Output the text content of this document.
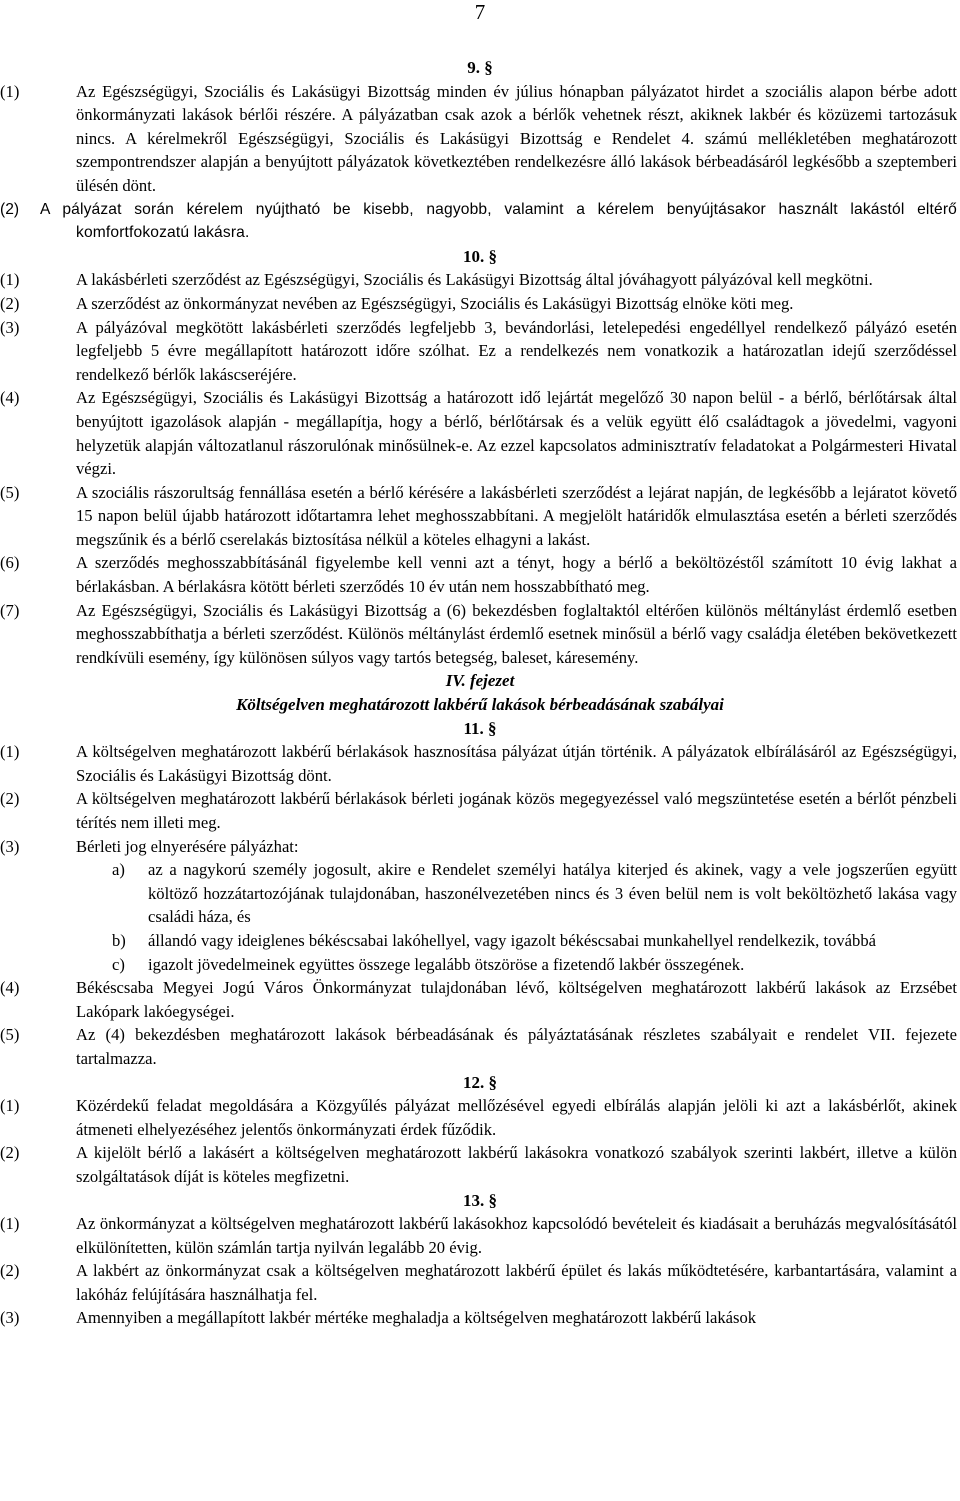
7

9. §

(1)	Az Egészségügyi, Szociális és Lakásügyi Bizottság minden év július hónapban pályázatot hirdet a szociális alapon bérbe adott önkormányzati lakások bérlői részére. A pályázatban csak azok a bérlők vehetnek részt, akiknek lakbér és közüzemi tartozásuk nincs. A kérelmekről Egészségügyi, Szociális és Lakásügyi Bizottság e Rendelet 4. számú mellékletében meghatározott szempontrendszer alapján a benyújtott pályázatok következtében rendelkezésre álló lakások bérbeadásáról legkésőbb a szeptemberi ülésén dönt.
(2)	A pályázat során kérelem nyújtható be kisebb, nagyobb, valamint a kérelem benyújtásakor használt lakástól eltérő komfortfokozatú lakásra.

10. §

(1)	A lakásbérleti szerződést az Egészségügyi, Szociális és Lakásügyi Bizottság által jóváhagyott pályázóval kell megkötni.
(2)	A szerződést az önkormányzat nevében az Egészségügyi, Szociális és Lakásügyi Bizottság elnöke köti meg.
(3)	A pályázóval megkötött lakásbérleti szerződés legfeljebb 3, bevándorlási, letelepedési engedéllyel rendelkező pályázó esetén legfeljebb 5 évre megállapított határozott időre szólhat. Ez a rendelkezés nem vonatkozik a határozatlan idejű szerződéssel rendelkező bérlők lakáscseréjére.
(4)	Az Egészségügyi, Szociális és Lakásügyi Bizottság a határozott idő lejártát megelőző 30 napon belül - a bérlő, bérlőtársak által benyújtott igazolások alapján - megállapítja, hogy a bérlő, bérlőtársak és a velük együtt élő családtagok a jövedelmi, vagyoni helyzetük alapján változatlanul rászorulónak minősülnek-e. Az ezzel kapcsolatos adminisztratív feladatokat a Polgármesteri Hivatal végzi.
(5)	A szociális rászorultság fennállása esetén a bérlő kérésére a lakásbérleti szerződést a lejárat napján, de legkésőbb a lejáratot követő 15 napon belül újabb határozott időtartamra lehet meghosszabbítani. A megjelölt határidők elmulasztása esetén a bérleti szerződés megszűnik és a bérlő cserelakás biztosítása nélkül a köteles elhagyni a lakást.
(6)	A szerződés meghosszabbításánál figyelembe kell venni azt a tényt, hogy a bérlő a beköltözéstől számított 10 évig lakhat a bérlakásban. A bérlakásra kötött bérleti szerződés 10 év után nem hosszabbítható meg.
(7)	Az Egészségügyi, Szociális és Lakásügyi Bizottság a (6) bekezdésben foglaltaktól eltérően különös méltánylást érdemlő esetben meghosszabbíthatja a bérleti szerződést. Különös méltánylást érdemlő esetnek minősül a bérlő vagy családja életében bekövetkezett rendkívüli esemény, így különösen súlyos vagy tartós betegség, baleset, káresemény.

IV. fejezet

Költségelven meghatározott lakbérű lakások bérbeadásának szabályai

11. §

(1)	A költségelven meghatározott lakbérű bérlakások hasznosítása pályázat útján történik. A pályázatok elbírálásáról az Egészségügyi, Szociális és Lakásügyi Bizottság dönt.
(2)	A költségelven meghatározott lakbérű bérlakások bérleti jogának közös megegyezéssel való megszüntetése esetén a bérlőt pénzbeli térítés nem illeti meg.
(3)	Bérleti jog elnyerésére pályázhat:
a)	az a nagykorú személy jogosult, akire e Rendelet személyi hatálya kiterjed és akinek, vagy a vele jogszerűen együtt költöző hozzátartozójának tulajdonában, haszonélvezetében nincs és 3 éven belül nem is volt beköltözhető lakása vagy családi háza, és
b)	állandó vagy ideiglenes békéscsabai lakóhellyel, vagy igazolt békéscsabai munkahellyel rendelkezik, továbbá
c)	igazolt jövedelmeinek együttes összege legalább ötszöröse a fizetendő lakbér összegének.
(4)	Békéscsaba Megyei Jogú Város Önkormányzat tulajdonában lévő, költségelven meghatározott lakbérű lakások az Erzsébet Lakópark lakóegységei.
(5)	Az (4) bekezdésben meghatározott lakások bérbeadásának és pályáztatásának részletes szabályait e rendelet VII. fejezete tartalmazza.

12. §

(1)	Közérdekű feladat megoldására a Közgyűlés pályázat mellőzésével egyedi elbírálás alapján jelöli ki azt a lakásbérlőt, akinek átmeneti elhelyezéséhez jelentős önkormányzati érdek fűződik.
(2)	A kijelölt bérlő a lakásért a költségelven meghatározott lakbérű lakásokra vonatkozó szabályok szerinti lakbért, illetve a külön szolgáltatások díját is köteles megfizetni.

13. §

(1)	Az önkormányzat a költségelven meghatározott lakbérű lakásokhoz kapcsolódó bevételeit és kiadásait a beruházás megvalósításától elkülönítetten, külön számlán tartja nyilván legalább 20 évig.
(2)	A lakbért az önkormányzat csak a költségelven meghatározott lakbérű épület és lakás működtetésére, karbantartására, valamint a lakóház felújítására használhatja fel.
(3)	Amennyiben a megállapított lakbér mértéke meghaladja a költségelven meghatározott lakbérű lakások
